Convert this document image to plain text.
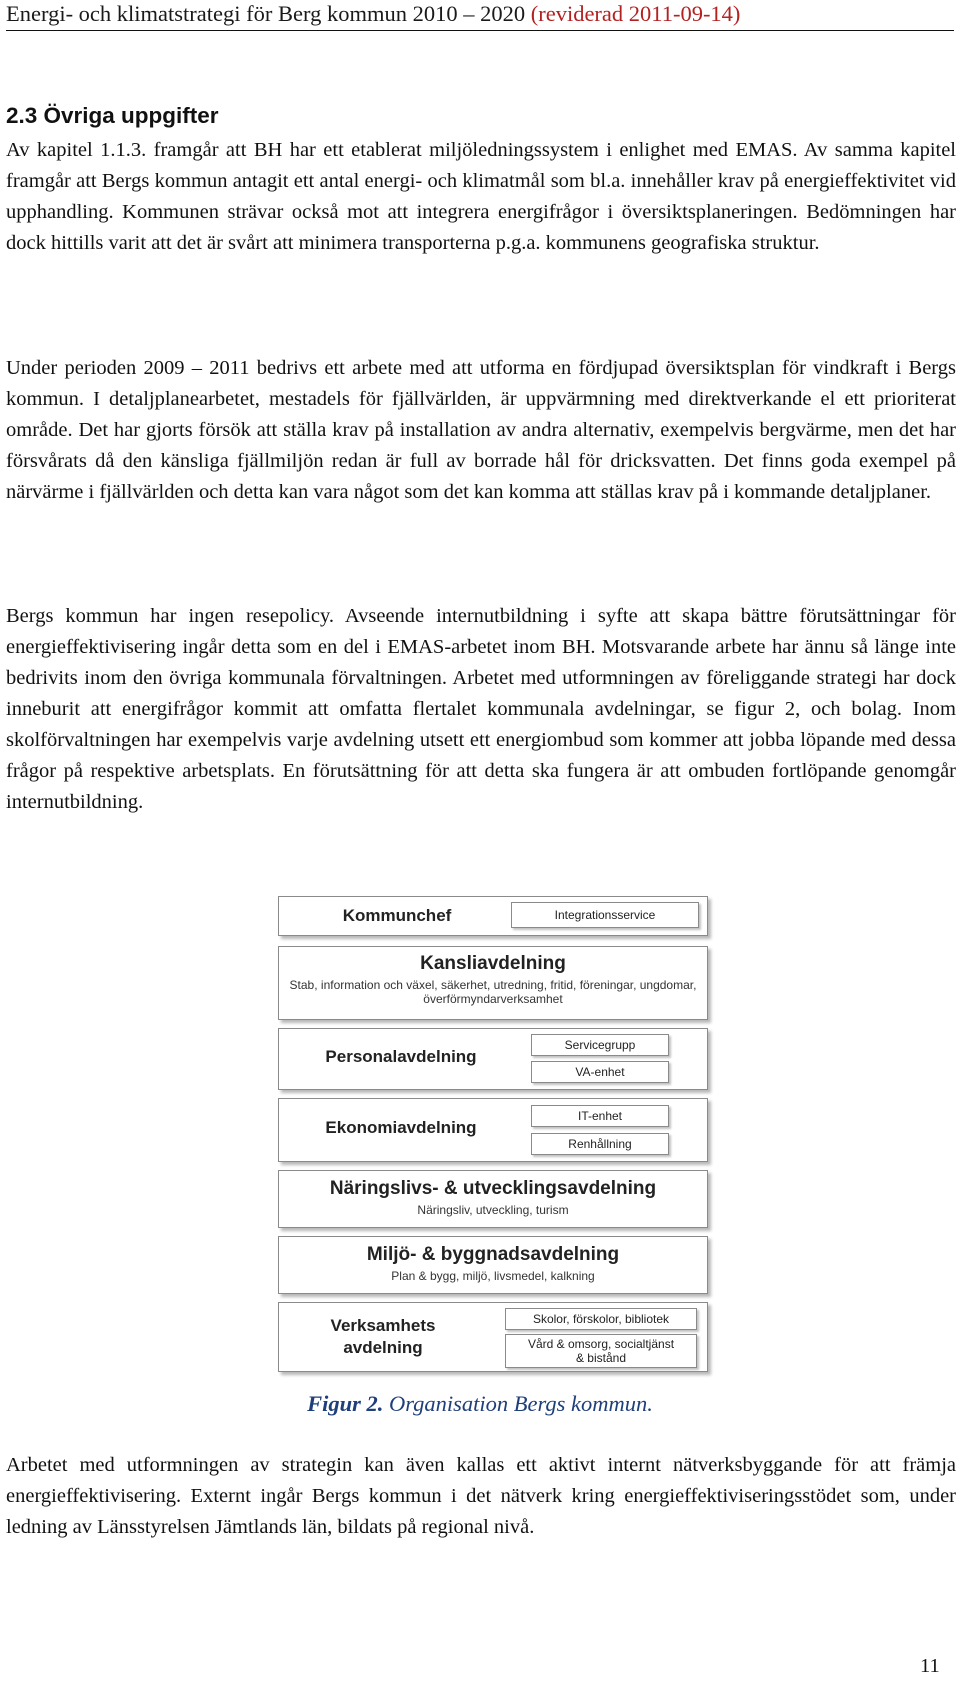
Energi- och klimatstrategi för Berg kommun 2010 – 2020 (reviderad 2011-09-14)
2.3 Övriga uppgifter

Av kapitel 1.1.3. framgår att BH har ett etablerat miljöledningssystem i enlighet med EMAS. Av samma kapitel framgår att Bergs kommun antagit ett antal energi- och klimatmål som bl.a. innehåller krav på energieffektivitet vid upphandling. Kommunen strävar också mot att integrera energifrågor i översiktsplaneringen. Bedömningen har dock hittills varit att det är svårt att minimera transporterna p.g.a. kommunens geografiska struktur.

Under perioden 2009 – 2011 bedrivs ett arbete med att utforma en fördjupad översiktsplan för vindkraft i Bergs kommun. I detaljplanearbetet, mestadels för fjällvärlden, är uppvärmning med direktverkande el ett prioriterat område. Det har gjorts försök att ställa krav på installation av andra alternativ, exempelvis bergvärme, men det har försvårats då den känsliga fjällmiljön redan är full av borrade hål för dricksvatten. Det finns goda exempel på närvärme i fjällvärlden och detta kan vara något som det kan komma att ställas krav på i kommande detaljplaner.

Bergs kommun har ingen resepolicy. Avseende internutbildning i syfte att skapa bättre förutsättningar för energieffektivisering ingår detta som en del i EMAS-arbetet inom BH. Motsvarande arbete har ännu så länge inte bedrivits inom den övriga kommunala förvaltningen. Arbetet med utformningen av föreliggande strategi har dock inneburit att energifrågor kommit att omfatta flertalet kommunala avdelningar, se figur 2, och bolag. Inom skolförvaltningen har exempelvis varje avdelning utsett ett energiombud som kommer att jobba löpande med dessa frågor på respektive arbetsplats. En förutsättning för att detta ska fungera är att ombuden fortlöpande genomgår internutbildning.

Kommunchef	Integrationsservice
Kansliavdelning
Stab, information och växel, säkerhet, utredning, fritid, föreningar, ungdomar, överförmyndarverksamhet
Personalavdelning
Servicegrupp
VA-enhet
Ekonomiavdelning
IT-enhet
Renhållning
Näringslivs- & utvecklingsavdelning
Näringsliv, utveckling, turism
Miljö- & byggnadsavdelning
Plan & bygg, miljö, livsmedel, kalkning
Verksamhets
avdelning
Skolor, förskolor, bibliotek
Vård & omsorg, socialtjänst
& bistånd
Figur 2. Organisation Bergs kommun.

Arbetet med utformningen av strategin kan även kallas ett aktivt internt nätverksbyggande för att främja energieffektivisering. Externt ingår Bergs kommun i det nätverk kring energieffektiviseringsstödet som, under ledning av Länsstyrelsen Jämtlands län, bildats på regional nivå.

11
